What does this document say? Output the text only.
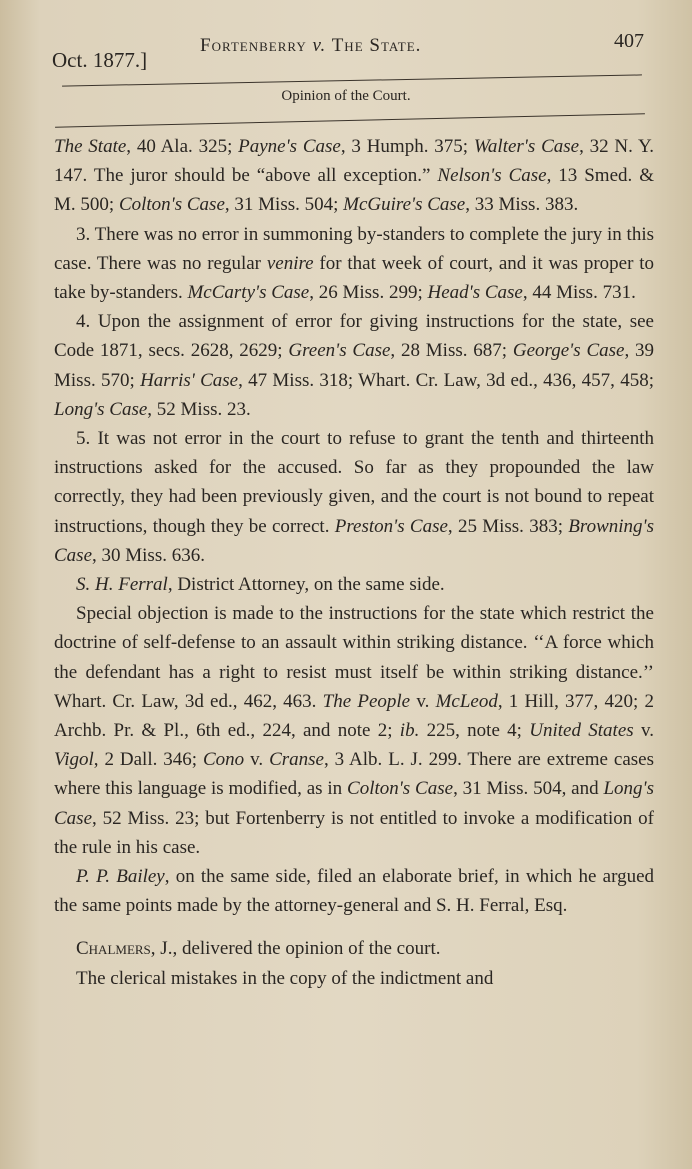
Oct. 1877.]
Fortenberry v. The State.	407
Opinion of the Court.

The State, 40 Ala. 325; Payne's Case, 3 Humph. 375; Walter's Case, 32 N. Y. 147. The juror should be “above all exception.” Nelson's Case, 13 Smed. & M. 500; Colton's Case, 31 Miss. 504; McGuire's Case, 33 Miss. 383.

3. There was no error in summoning by-standers to complete the jury in this case. There was no regular venire for that week of court, and it was proper to take by-standers. McCarty's Case, 26 Miss. 299; Head's Case, 44 Miss. 731.

4. Upon the assignment of error for giving instructions for the state, see Code 1871, secs. 2628, 2629; Green's Case, 28 Miss. 687; George's Case, 39 Miss. 570; Harris' Case, 47 Miss. 318; Whart. Cr. Law, 3d ed., 436, 457, 458; Long's Case, 52 Miss. 23.

5. It was not error in the court to refuse to grant the tenth and thirteenth instructions asked for the accused. So far as they propounded the law correctly, they had been previously given, and the court is not bound to repeat instructions, though they be correct. Preston's Case, 25 Miss. 383; Browning's Case, 30 Miss. 636.

S. H. Ferral, District Attorney, on the same side.

Special objection is made to the instructions for the state which restrict the doctrine of self-defense to an assault within striking distance. ‘‘A force which the defendant has a right to resist must itself be within striking distance.’’ Whart. Cr. Law, 3d ed., 462, 463. The People v. McLeod, 1 Hill, 377, 420; 2 Archb. Pr. & Pl., 6th ed., 224, and note 2; ib. 225, note 4; United States v. Vigol, 2 Dall. 346; Cono v. Cranse, 3 Alb. L. J. 299. There are extreme cases where this language is modified, as in Colton's Case, 31 Miss. 504, and Long's Case, 52 Miss. 23; but Fortenberry is not entitled to invoke a modification of the rule in his case.

P. P. Bailey, on the same side, filed an elaborate brief, in which he argued the same points made by the attorney-general and S. H. Ferral, Esq.

Chalmers, J., delivered the opinion of the court.

The clerical mistakes in the copy of the indictment and
